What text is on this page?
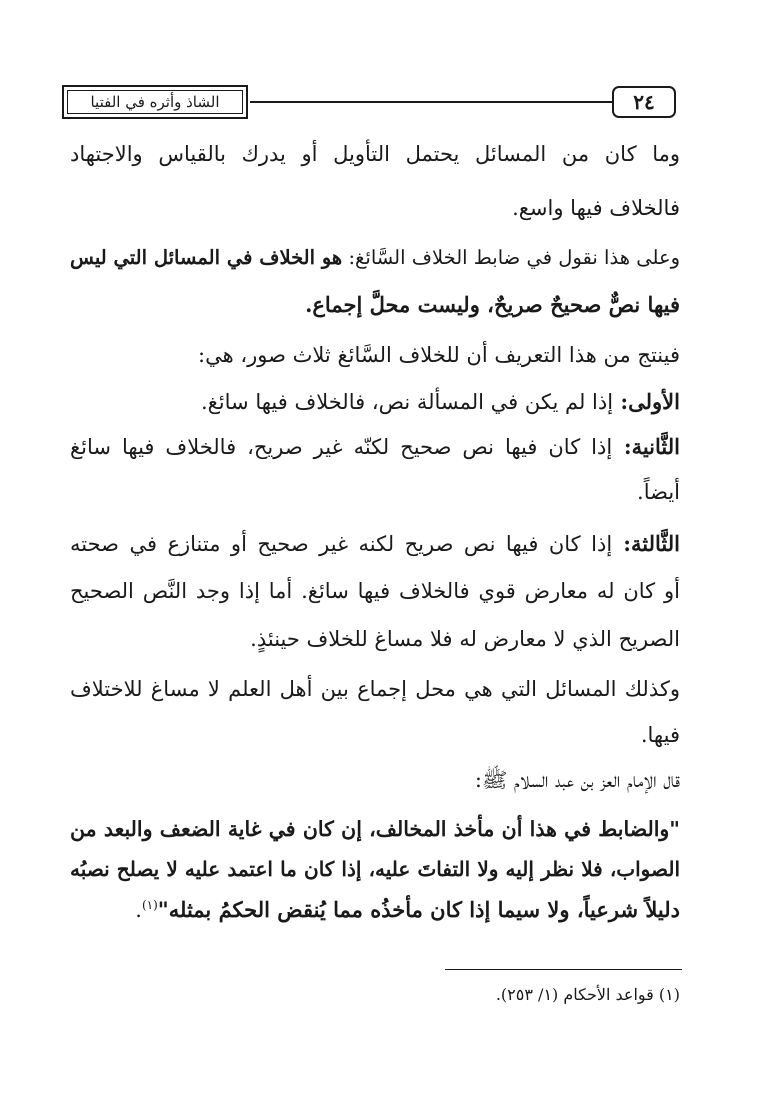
الشاذ وأثره في الفتيا	٢٤
وما كان من المسائل يحتمل التأويل أو يدرك بالقياس والاجتهاد
فالخلاف فيها واسع.
وعلى هذا نقول في ضابط الخلاف السَّائغ: هو الخلاف في المسائل التي ليس
فيها نصٌّ صحيحٌ صريحٌ، وليست محلَّ إجماع.
فينتج من هذا التعريف أن للخلاف السَّائغ ثلاث صور، هي:
الأولى: إذا لم يكن في المسألة نص، فالخلاف فيها سائغ.
الثَّانية: إذا كان فيها نص صحيح لكنّه غير صريح، فالخلاف فيها سائغ
أيضاً.
الثَّالثة: إذا كان فيها نص صريح لكنه غير صحيح أو متنازع في صحته
أو كان له معارض قوي فالخلاف فيها سائغ. أما إذا وجد النَّص الصحيح
الصريح الذي لا معارض له فلا مساغ للخلاف حينئذٍ.
وكذلك المسائل التي هي محل إجماع بين أهل العلم لا مساغ للاختلاف
فيها.
قال الإمام العز بن عبد السلام ﷺ:
"والضابط في هذا أن مأخذ المخالف، إن كان في غاية الضعف والبعد من
الصواب، فلا نظر إليه ولا التفاتَ عليه، إذا كان ما اعتمد عليه لا يصلح نصبُه
دليلاً شرعياً، ولا سيما إذا كان مأخذُه مما يُنقض الحكمُ بمثله"$^{(١)}$.
(١) قواعد الأحكام (١/ ٢٥٣).
